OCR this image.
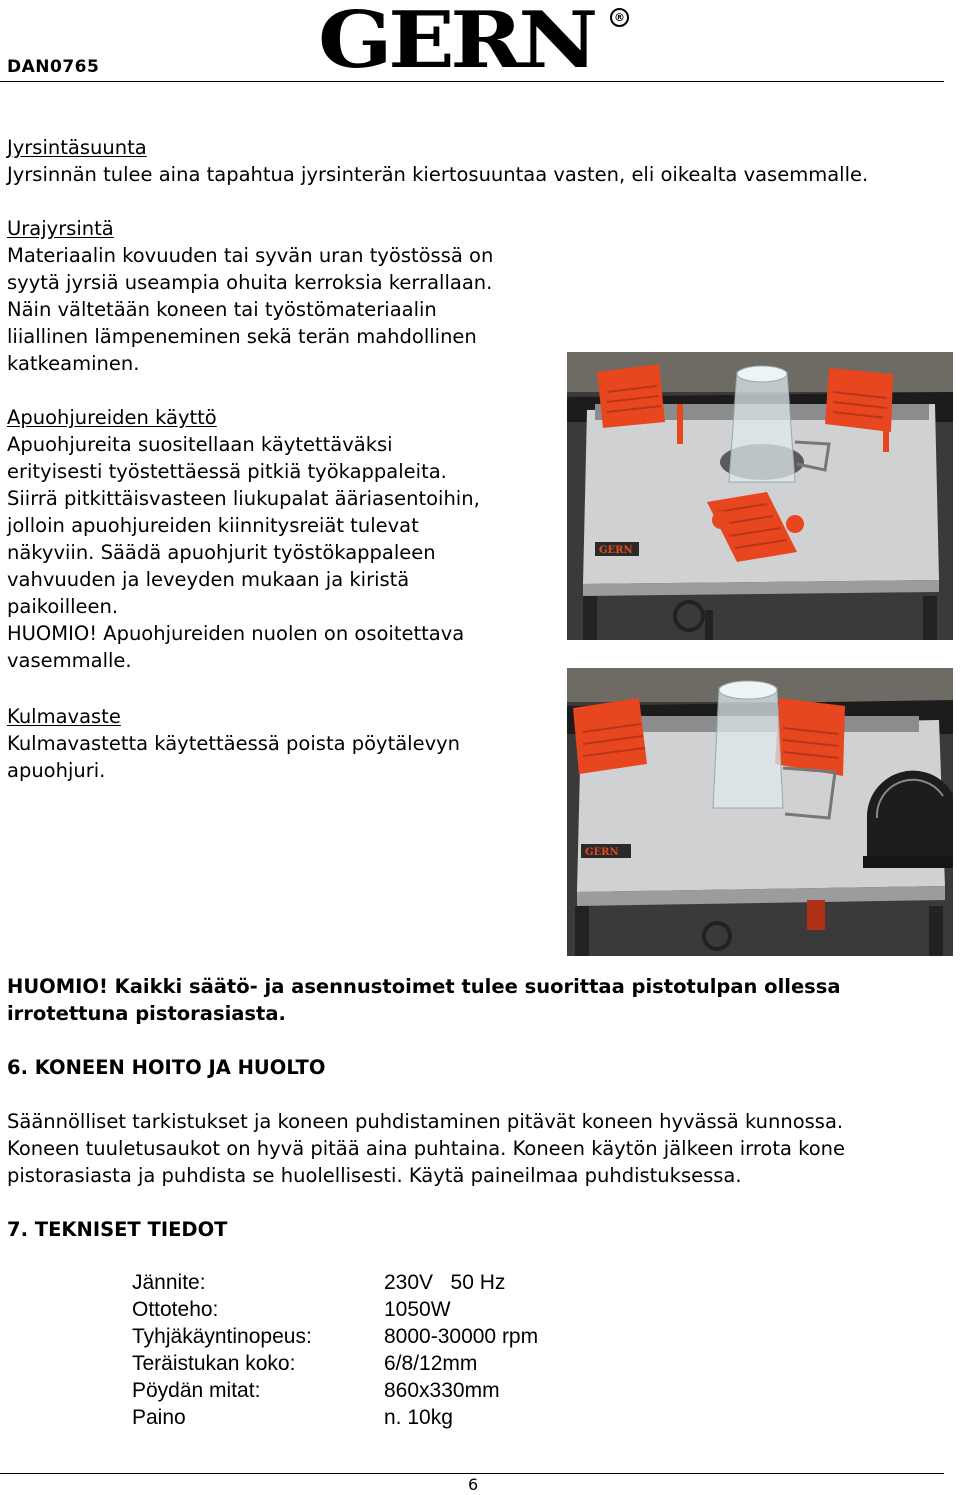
DAN0765	GERN	®
Jyrsintäsuunta
Jyrsinnän tulee aina tapahtua jyrsinterän kiertosuuntaa vasten, eli oikealta vasemmalle.
Urajyrsintä
Materiaalin kovuuden tai syvän uran työstössä on
syytä jyrsiä useampia ohuita kerroksia kerrallaan.
Näin vältetään koneen tai työstömateriaalin
liiallinen lämpeneminen sekä terän mahdollinen
katkeaminen.
Apuohjureiden käyttö
Apuohjureita suositellaan käytettäväksi
erityisesti työstettäessä pitkiä työkappaleita.
Siirrä pitkittäisvasteen liukupalat ääriasentoihin,
jolloin apuohjureiden kiinnitysreiät tulevat
näkyviin. Säädä apuohjurit työstökappaleen
vahvuuden ja leveyden mukaan ja kiristä
paikoilleen.
HUOMIO! Apuohjureiden nuolen on osoitettava
vasemmalle.
Kulmavaste
Kulmavastetta käytettäessä poista pöytälevyn
apuohjuri.
GERN
GERN
HUOMIO! Kaikki säätö- ja asennustoimet tulee suorittaa pistotulpan ollessa
irrotettuna pistorasiasta.
6. KONEEN HOITO JA HUOLTO
Säännölliset tarkistukset ja koneen puhdistaminen pitävät koneen hyvässä kunnossa.
Koneen tuuletusaukot on hyvä pitää aina puhtaina. Koneen käytön jälkeen irrota kone
pistorasiasta ja puhdista se huolellisesti. Käytä paineilmaa puhdistuksessa.
7. TEKNISET TIEDOT
Jännite:	230V   50 Hz
Ottoteho:	1050W
Tyhjäkäyntinopeus:	8000-30000 rpm
Teräistukan koko:	6/8/12mm
Pöydän mitat:	860x330mm
Paino	n. 10kg
6
